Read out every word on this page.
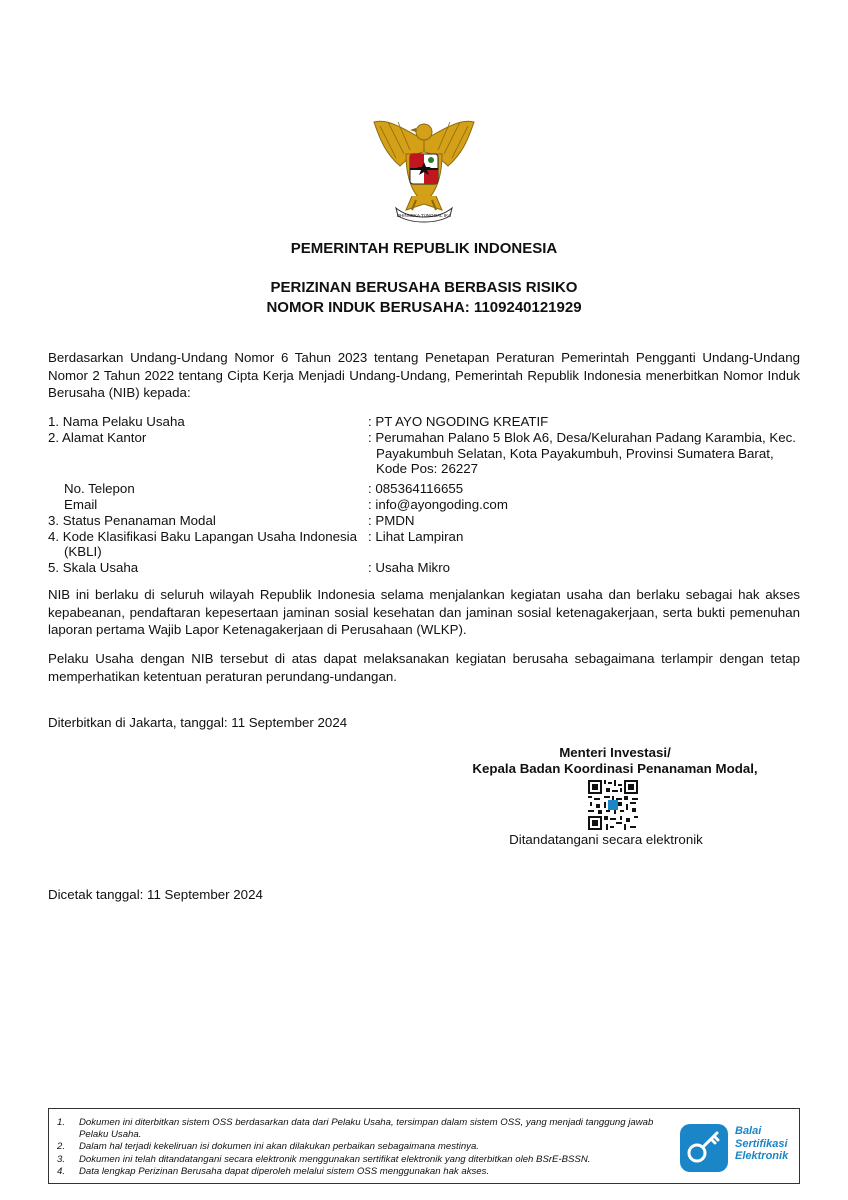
BHINNEKA TUNGGAL IKA
PEMERINTAH REPUBLIK INDONESIA
PERIZINAN BERUSAHA BERBASIS RISIKO
NOMOR INDUK BERUSAHA: 1109240121929
Berdasarkan Undang-Undang Nomor 6 Tahun 2023 tentang Penetapan Peraturan Pemerintah Pengganti Undang-Undang Nomor 2 Tahun 2022 tentang Cipta Kerja Menjadi Undang-Undang, Pemerintah Republik Indonesia menerbitkan Nomor Induk Berusaha (NIB) kepada:
1. Nama Pelaku Usaha	: PT AYO NGODING KREATIF
2. Alamat Kantor	: Perumahan Palano 5 Blok A6, Desa/Kelurahan Padang Karambia, Kec.
Payakumbuh Selatan, Kota Payakumbuh, Provinsi Sumatera Barat,
Kode Pos: 26227
No. Telepon	: 085364116655
Email	: info@ayongoding.com
3. Status Penanaman Modal	: PMDN
4. Kode Klasifikasi Baku Lapangan Usaha Indonesia
(KBLI)
: Lihat Lampiran
5. Skala Usaha	: Usaha Mikro
NIB ini berlaku di seluruh wilayah Republik Indonesia selama menjalankan kegiatan usaha dan berlaku sebagai hak akses kepabeanan, pendaftaran kepesertaan jaminan sosial kesehatan dan jaminan sosial ketenagakerjaan, serta bukti pemenuhan laporan pertama Wajib Lapor Ketenagakerjaan di Perusahaan (WLKP).
Pelaku Usaha dengan NIB tersebut di atas dapat melaksanakan kegiatan berusaha sebagaimana terlampir dengan tetap memperhatikan ketentuan peraturan perundang-undangan.
Diterbitkan di Jakarta, tanggal: 11 September 2024
Menteri Investasi/
Kepala Badan Koordinasi Penanaman Modal,
Ditandatangani secara elektronik
Dicetak tanggal: 11 September 2024
1.	Dokumen ini diterbitkan sistem OSS berdasarkan data dari Pelaku Usaha, tersimpan dalam sistem OSS, yang menjadi tanggung jawab Pelaku Usaha.
2.	Dalam hal terjadi kekeliruan isi dokumen ini akan dilakukan perbaikan sebagaimana mestinya.
3.	Dokumen ini telah ditandatangani secara elektronik menggunakan sertifikat elektronik yang diterbitkan oleh BSrE-BSSN.
4.	Data lengkap Perizinan Berusaha dapat diperoleh melalui sistem OSS menggunakan hak akses.
Balai
Sertifikasi
Elektronik
